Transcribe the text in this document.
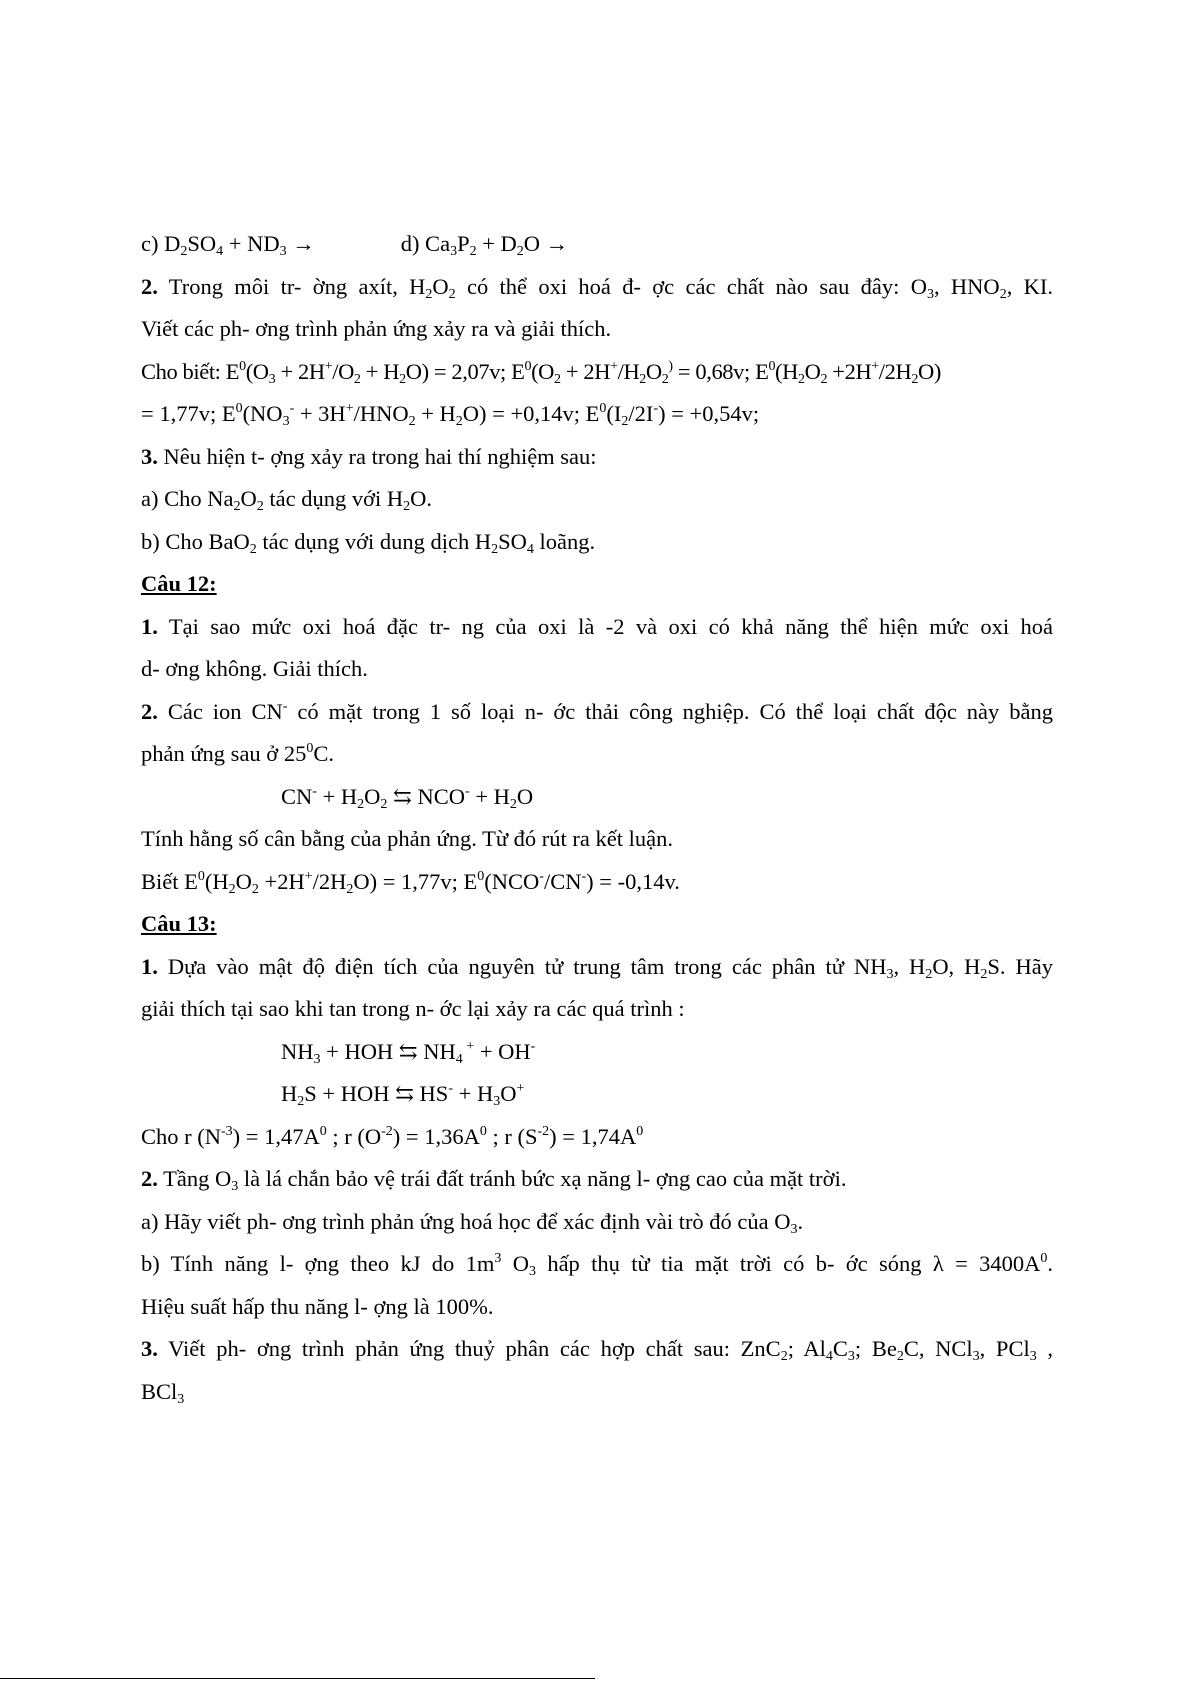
c) $D_2SO_4 + ND_3$ →	d) $Ca_3P_2 + D_2O$ →
2. Trong môi tr- ờng axít, $H_2O_2$ có thể oxi hoá đ- ợc các chất nào sau đây: $O_3$, $HNO_2$, KI.
Viết các ph- ơng trình phản ứng xảy ra và giải thích.
Cho biết: $E^0(O_3 + 2H^+/O_2 + H_2O) = 2,07v$; $E^0(O_2 + 2H^+/H_2O_2^) = 0,68v$; $E^0(H_2O_2 +2H^+/2H_2O)$
= 1,77v; $E^0(NO_3^- + 3H^+/HNO_2 + H_2O) = +0,14v$; $E^0(I_2/2I^-) = +0,54v$;
3. Nêu hiện t- ợng xảy ra trong hai thí nghiệm sau:
a) Cho $Na_2O_2$ tác dụng với $H_2O$.
b) Cho BaO$_2$ tác dụng với dung dịch $H_2SO_4$ loãng.
Câu 12:
1. Tại sao mức oxi hoá đặc tr- ng của oxi là -2 và oxi có khả năng thể hiện mức oxi hoá
d- ơng không. Giải thích.
2. Các ion CN- có mặt trong 1 số loại n- ớc thải công nghiệp. Có thể loại chất độc này bằng
phản ứng sau ở $25^0C$.
$CN^- + H_2O_2$ ⇆ $NCO^- + H_2O$
Tính hằng số cân bằng của phản ứng. Từ đó rút ra kết luận.
Biết $E^0(H_2O_2 +2H^+/2H_2O) = 1,77v$; $E^0(NCO^-/CN^-) = -0,14v$.
Câu 13:
1. Dựa vào mật độ điện tích của nguyên tử trung tâm trong các phân tử $NH_3$, $H_2O$, $H_2S$. Hãy
giải thích tại sao khi tan trong n- ớc lại xảy ra các quá trình :
$NH_3$ + HOH ⇆ $NH_4$ + + OH-
$H_2S$ + HOH ⇆ $HS^- + H_3O^+$
Cho r $(N^{-3}) = 1,47A^0$ ; r $(O^{-2}) = 1,36A^0$ ; r $(S^{-2}) = 1,74A^0$
2. Tầng $O_3$ là lá chắn bảo vệ trái đất tránh bức xạ năng l- ợng cao của mặt trời.
a) Hãy viết ph- ơng trình phản ứng hoá học để xác định vài trò đó của $O_3$.
b) Tính năng l- ợng theo kJ do $1m^3$ $O_3$ hấp thụ từ tia mặt trời có b- ớc sóng $\lambda = 3400A^0$.
Hiệu suất hấp thu năng l- ợng là 100%.
3. Viết ph- ơng trình phản ứng thuỷ phân các hợp chất sau: ZnC$_2$; $Al_4C_3$; $Be_2C$, NCl$_3$, PCl$_3$ ,
BCl$_3$
